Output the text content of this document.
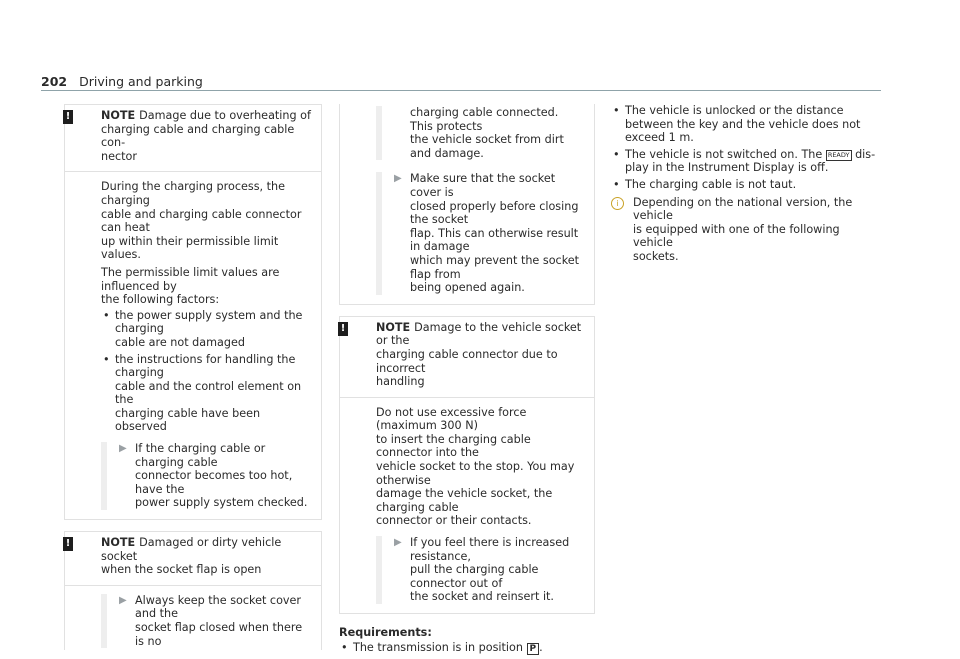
202 Driving and parking
!	NOTE Damage due to overheating of
charging cable and charging cable con-
nector

During the charging process, the charging
cable and charging cable connector can heat
up within their permissible limit values.

The permissible limit values are influenced by
the following factors:

• the power supply system and the charging
cable are not damaged
• the instructions for handling the charging
cable and the control element on the
charging cable have been observed
▶ If the charging cable or charging cable
connector becomes too hot, have the
power supply system checked.
!	NOTE Damaged or dirty vehicle socket
when the socket flap is open
▶ Always keep the socket cover and the
socket flap closed when there is no
charging cable connected. This protects
the vehicle socket from dirt and damage.
▶ Make sure that the socket cover is
closed properly before closing the socket
flap. This can otherwise result in damage
which may prevent the socket flap from
being opened again.
!	NOTE Damage to the vehicle socket or the
charging cable connector due to incorrect
handling

Do not use excessive force (maximum 300 N)
to insert the charging cable connector into the
vehicle socket to the stop. You may otherwise
damage the vehicle socket, the charging cable
connector or their contacts.

▶ If you feel there is increased resistance,
pull the charging cable connector out of
the socket and reinsert it.
Requirements:
• The transmission is in position P .
• The vehicle is unlocked or the distance
between the key and the vehicle does not
exceed 1 m.
• The vehicle is not switched on. The READY dis-
play in the Instrument Display is off.
• The charging cable is not taut.
i	Depending on the national version, the vehicle
is equipped with one of the following vehicle
sockets.
